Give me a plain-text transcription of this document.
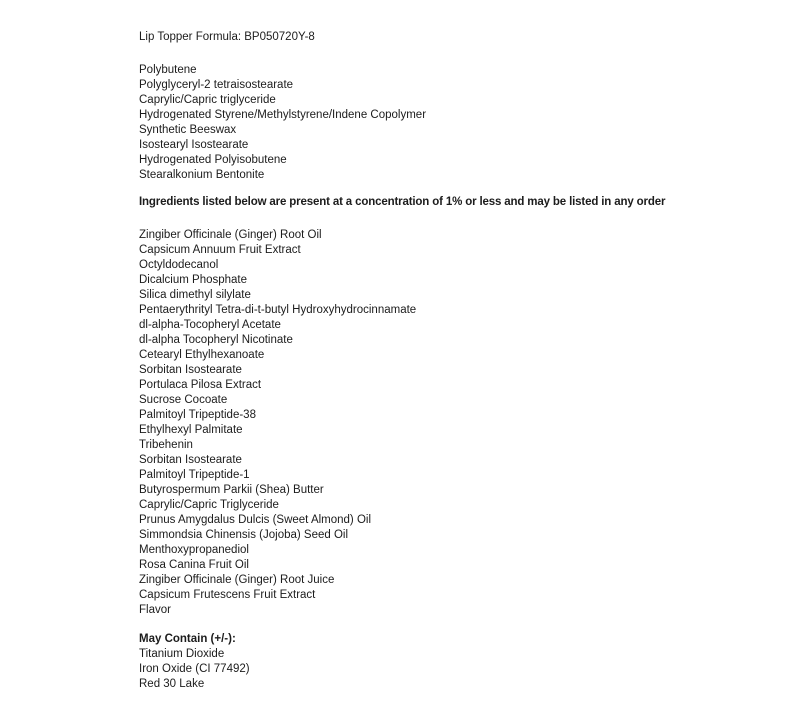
Lip Topper Formula: BP050720Y-8
Polybutene
Polyglyceryl-2 tetraisostearate
Caprylic/Capric triglyceride
Hydrogenated Styrene/Methylstyrene/Indene Copolymer
Synthetic Beeswax
Isostearyl Isostearate
Hydrogenated Polyisobutene
Stearalkonium Bentonite
Ingredients listed below are present at a concentration of 1% or less and may be listed in any order
Zingiber Officinale (Ginger) Root Oil
Capsicum Annuum Fruit Extract
Octyldodecanol
Dicalcium Phosphate
Silica dimethyl silylate
Pentaerythrityl Tetra-di-t-butyl Hydroxyhydrocinnamate
dl-alpha-Tocopheryl Acetate
dl-alpha Tocopheryl Nicotinate
Cetearyl Ethylhexanoate
Sorbitan Isostearate
Portulaca Pilosa Extract
Sucrose Cocoate
Palmitoyl Tripeptide-38
Ethylhexyl Palmitate
Tribehenin
Sorbitan Isostearate
Palmitoyl Tripeptide-1
Butyrospermum Parkii (Shea) Butter
Caprylic/Capric Triglyceride
Prunus Amygdalus Dulcis (Sweet Almond) Oil
Simmondsia Chinensis (Jojoba) Seed Oil
Menthoxypropanediol
Rosa Canina Fruit Oil
Zingiber Officinale (Ginger) Root Juice
Capsicum Frutescens Fruit Extract
Flavor
May Contain (+/-):
Titanium Dioxide
Iron Oxide (CI 77492)
Red 30 Lake
